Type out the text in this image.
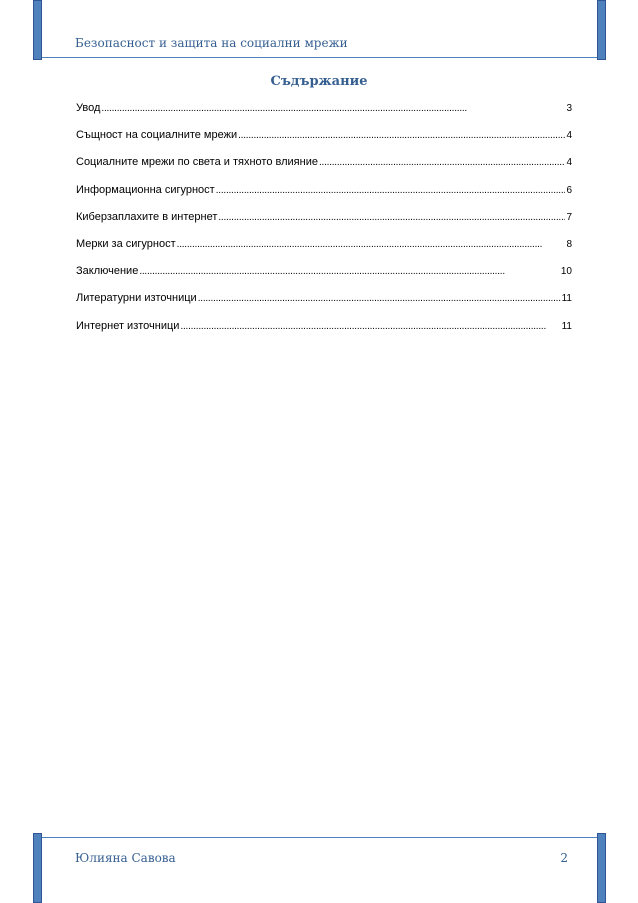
Безопасност и защита на социални мрежи
Съдържание
Увод . . .	3
Същност на социалните мрежи . . .	4
Социалните мрежи по света и тяхното влияние . . .	4
Информационна сигурност . . .	6
Киберзаплахите в интернет . . .	7
Мерки за сигурност . . .	8
Заключение . . .	10
Литературни източници . . .	11
Интернет източници . . .	11
Юлияна Савова	2
